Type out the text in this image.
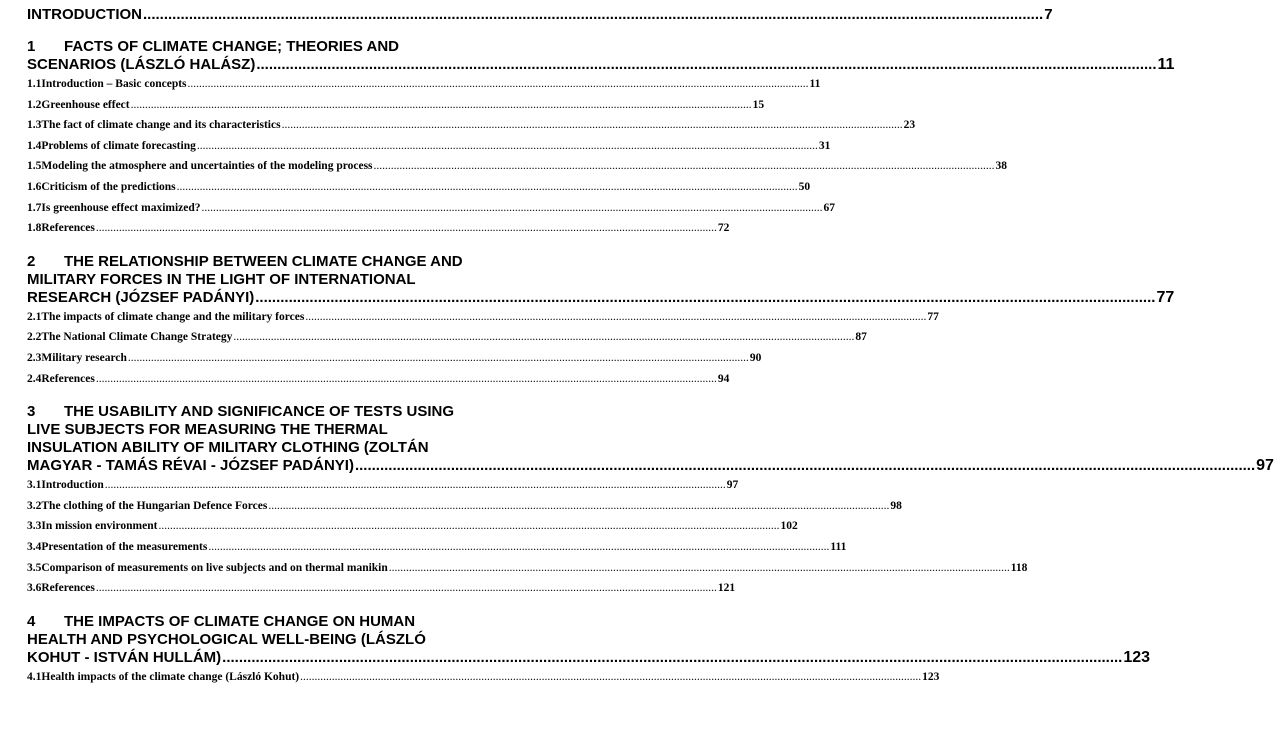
INTRODUCTION .....	7
1 FACTS OF CLIMATE CHANGE; THEORIES AND
SCENARIOS (LÁSZLÓ HALÁSZ) .....	11
1.1 Introduction – Basic concepts .....	11
1.2 Greenhouse effect .....	15
1.3 The fact of climate change and its characteristics .....	23
1.4 Problems of climate forecasting .....	31
1.5 Modeling the atmosphere and uncertainties of the modeling process .....	38
1.6 Criticism of the predictions .....	50
1.7 Is greenhouse effect maximized? .....	67
1.8 References .....	72
2 THE RELATIONSHIP BETWEEN CLIMATE CHANGE AND
MILITARY FORCES IN THE LIGHT OF INTERNATIONAL
RESEARCH (JÓZSEF PADÁNYI) .....	77
2.1 The impacts of climate change and the military forces .....	77
2.2 The National Climate Change Strategy .....	87
2.3 Military research .....	90
2.4 References .....	94
3 THE USABILITY AND SIGNIFICANCE OF TESTS USING
LIVE SUBJECTS FOR MEASURING THE THERMAL
INSULATION ABILITY OF MILITARY CLOTHING (ZOLTÁN
MAGYAR - TAMÁS RÉVAI - JÓZSEF PADÁNYI) .....	97
3.1 Introduction .....	97
3.2 The clothing of the Hungarian Defence Forces .....	98
3.3 In mission environment .....	102
3.4 Presentation of the measurements .....	111
3.5 Comparison of measurements on live subjects and on thermal manikin .....	118
3.6 References .....	121
4 THE IMPACTS OF CLIMATE CHANGE ON HUMAN
HEALTH AND PSYCHOLOGICAL WELL-BEING (LÁSZLÓ
KOHUT - ISTVÁN HULLÁM) .....	123
4.1 Health impacts of the climate change (László Kohut) .....	123
